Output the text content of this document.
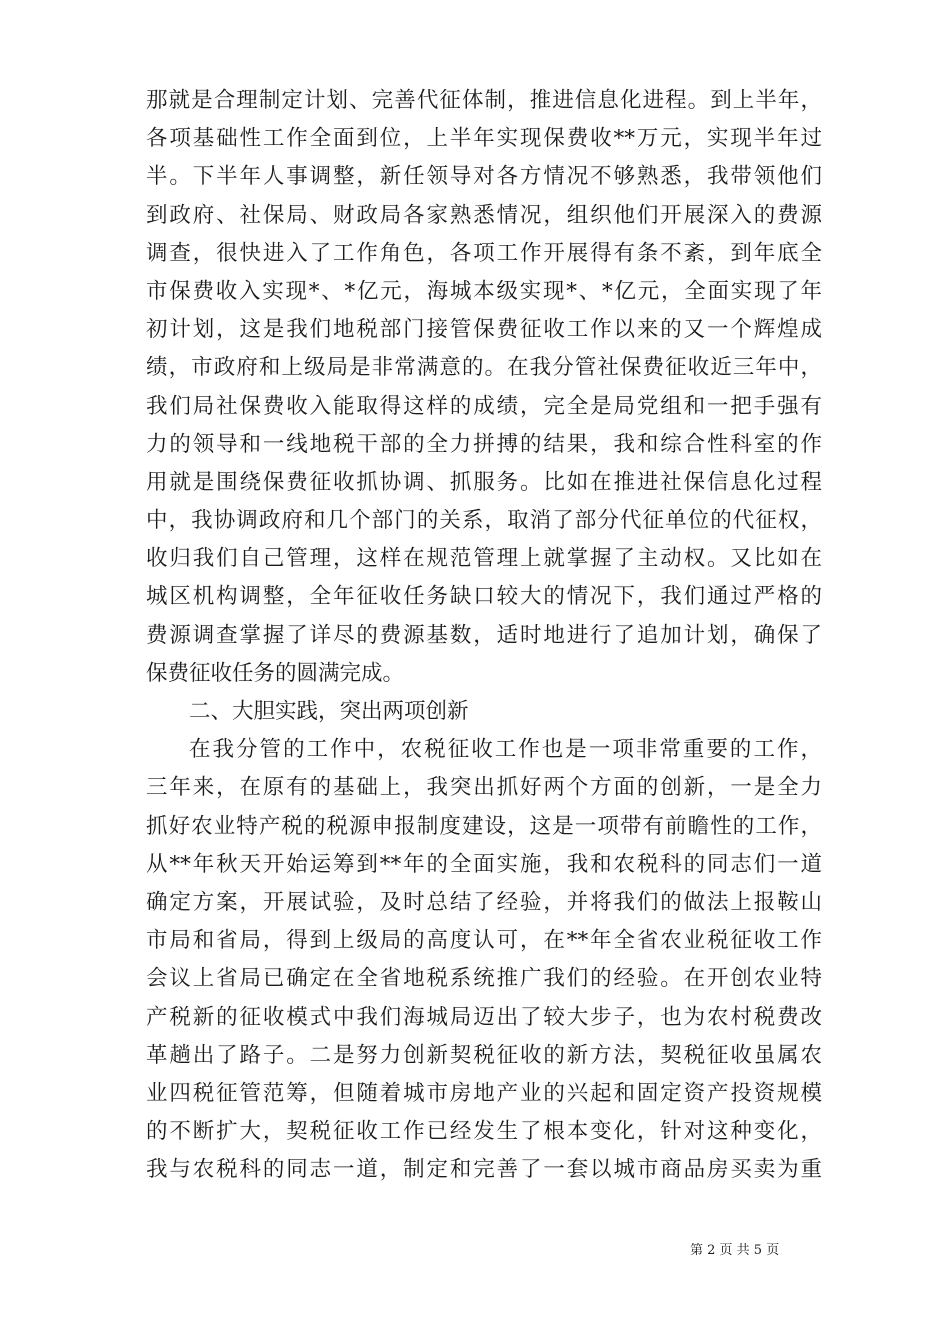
那就是合理制定计划、完善代征体制，推进信息化进程。到上半年，
各项基础性工作全面到位，上半年实现保费收**万元，实现半年过
半。下半年人事调整，新任领导对各方情况不够熟悉，我带领他们
到政府、社保局、财政局各家熟悉情况，组织他们开展深入的费源
调查，很快进入了工作角色，各项工作开展得有条不紊，到年底全
市保费收入实现*、*亿元，海城本级实现*、*亿元，全面实现了年
初计划，这是我们地税部门接管保费征收工作以来的又一个辉煌成
绩，市政府和上级局是非常满意的。在我分管社保费征收近三年中，
我们局社保费收入能取得这样的成绩，完全是局党组和一把手强有
力的领导和一线地税干部的全力拼搏的结果，我和综合性科室的作
用就是围绕保费征收抓协调、抓服务。比如在推进社保信息化过程
中，我协调政府和几个部门的关系，取消了部分代征单位的代征权，
收归我们自己管理，这样在规范管理上就掌握了主动权。又比如在
城区机构调整，全年征收任务缺口较大的情况下，我们通过严格的
费源调查掌握了详尽的费源基数，适时地进行了追加计划，确保了
保费征收任务的圆满完成。
二、大胆实践，突出两项创新
在我分管的工作中，农税征收工作也是一项非常重要的工作，
三年来，在原有的基础上，我突出抓好两个方面的创新，一是全力
抓好农业特产税的税源申报制度建设，这是一项带有前瞻性的工作，
从**年秋天开始运筹到**年的全面实施，我和农税科的同志们一道
确定方案，开展试验，及时总结了经验，并将我们的做法上报鞍山
市局和省局，得到上级局的高度认可，在**年全省农业税征收工作
会议上省局已确定在全省地税系统推广我们的经验。在开创农业特
产税新的征收模式中我们海城局迈出了较大步子，也为农村税费改
革趟出了路子。二是努力创新契税征收的新方法，契税征收虽属农
业四税征管范筹，但随着城市房地产业的兴起和固定资产投资规模
的不断扩大，契税征收工作已经发生了根本变化，针对这种变化，
我与农税科的同志一道，制定和完善了一套以城市商品房买卖为重
第 2 页 共 5 页
